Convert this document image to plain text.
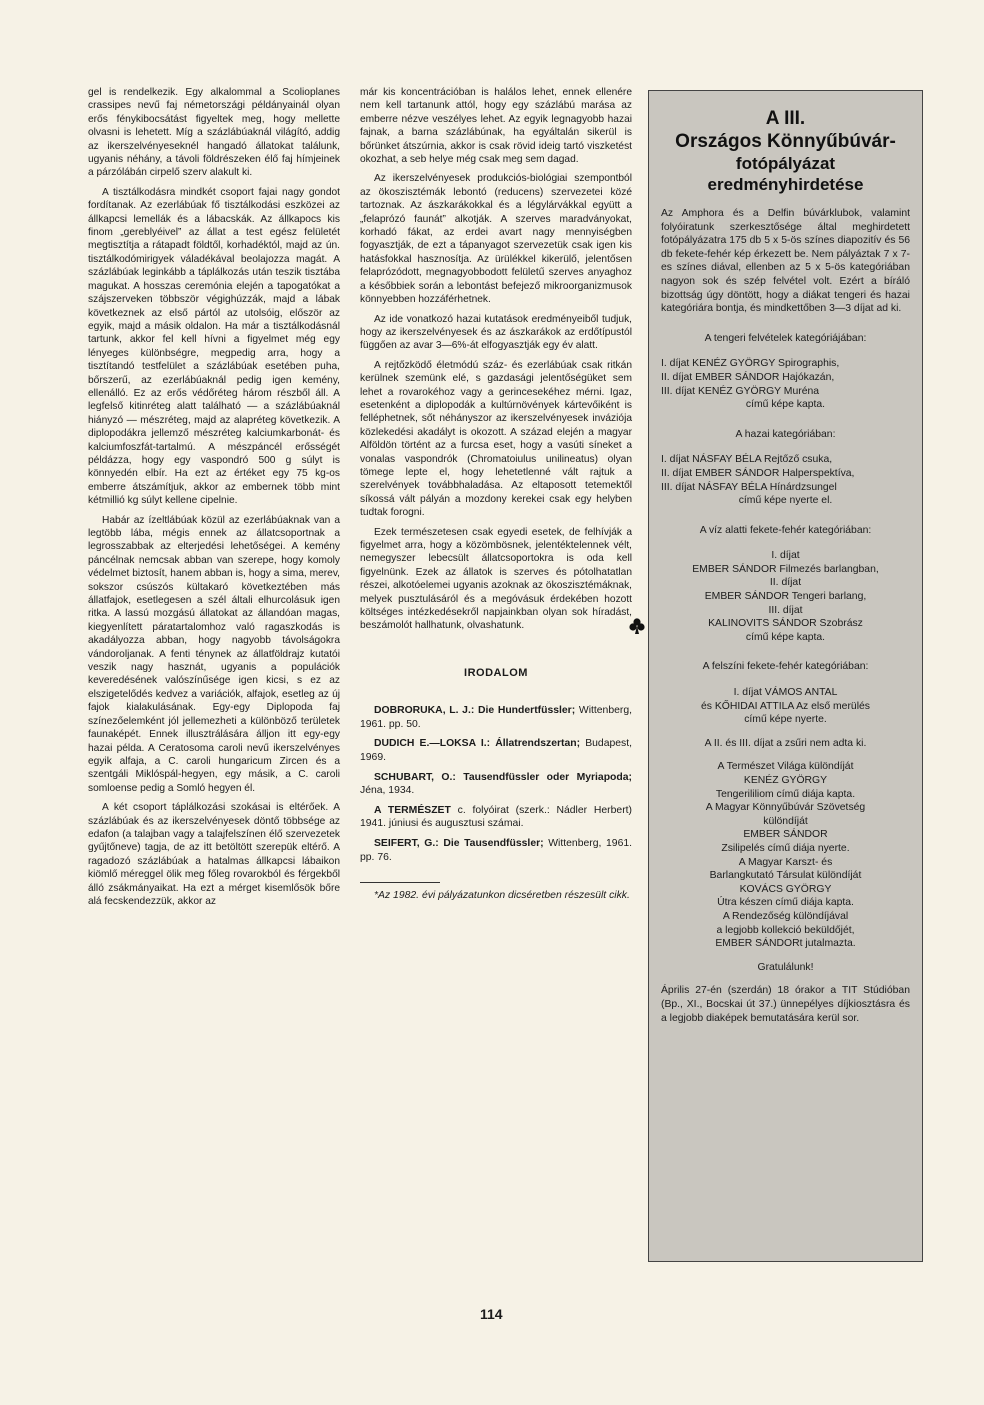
gel is rendelkezik. Egy alkalommal a Scolioplanes crassipes nevű faj németországi példányainál olyan erős fénykibocsátást figyeltek meg, hogy mellette olvasni is lehetett. Míg a százlábúaknál világító, addig az ikerszelvényeseknél hangadó állatokat találunk, ugyanis néhány, a távoli földrészeken élő faj hímjeinek a párzólábán cirpelő szerv alakult ki.

A tisztálkodásra mindkét csoport fajai nagy gondot fordítanak. Az ezerlábúak fő tisztálkodási eszközei az állkapcsi lemellák és a lábacskák. Az állkapocs kis finom „gereblyéivel” az állat a test egész felületét megtisztítja a rátapadt földtől, korhadéktól, majd az ún. tisztálkodómirigyek váladékával beolajozza magát. A százlábúak leginkább a táplálkozás után teszik tisztába magukat. A hosszas ceremónia elején a tapogatókat a szájszerveken többször végighúzzák, majd a lábak következnek az első pártól az utolsóig, először az egyik, majd a másik oldalon. Ha már a tisztálkodásnál tartunk, akkor fel kell hívni a figyelmet még egy lényeges különbségre, megpedig arra, hogy a tisztítandó testfelület a százlábúak esetében puha, bőrszerű, az ezerlábúaknál pedig igen kemény, ellenálló. Ez az erős védőréteg három részből áll. A legfelső kitinréteg alatt található — a százlábúaknál hiányzó — mészréteg, majd az alapréteg következik. A diplopodákra jellemző mészréteg kalciumkarbonát- és kalciumfoszfát-tartalmú. A mészpáncél erősségét példázza, hogy egy vaspondró 500 g súlyt is könnyedén elbír. Ha ezt az értéket egy 75 kg-os emberre átszámítjuk, akkor az embernek több mint kétmillió kg súlyt kellene cipelnie.

Habár az ízeltlábúak közül az ezerlábúaknak van a legtöbb lába, mégis ennek az állatcsoportnak a legrosszabbak az elterjedési lehetőségei. A kemény páncélnak nemcsak abban van szerepe, hogy komoly védelmet biztosít, hanem abban is, hogy a sima, merev, sokszor csúszós kültakaró következtében más állatfajok, esetlegesen a szél általi elhurcolásuk igen ritka. A lassú mozgású állatokat az állandóan magas, kiegyenlített páratartalomhoz való ragaszkodás is akadályozza abban, hogy nagyobb távolságokra vándoroljanak. A fenti ténynek az állatföldrajz kutatói veszik nagy hasznát, ugyanis a populációk keveredésének valószínűsége igen kicsi, s ez az elszigetelődés kedvez a variációk, alfajok, esetleg az új fajok kialakulásának. Egy-egy Diplopoda faj színezőelemként jól jellemezheti a különböző területek faunaképét. Ennek illusztrálására álljon itt egy-egy hazai példa. A Ceratosoma caroli nevű ikerszelvényes egyik alfaja, a C. caroli hungaricum Zircen és a szentgáli Miklóspál-hegyen, egy másik, a C. caroli somloense pedig a Somló hegyen él.

A két csoport táplálkozási szokásai is eltérőek. A százlábúak és az ikerszelvényesek döntő többsége az edafon (a talajban vagy a talajfelszínen élő szervezetek gyűjtőneve) tagja, de az itt betöltött szerepük eltérő. A ragadozó százlábúak a hatalmas állkapcsi lábaikon kiömlő méreggel ölik meg főleg rovarokból és férgekből álló zsákmányaikat. Ha ezt a mérget kisemlősök bőre alá fecskendezzük, akkor az

már kis koncentrációban is halálos lehet, ennek ellenére nem kell tartanunk attól, hogy egy százlábú marása az emberre nézve veszélyes lehet. Az egyik legnagyobb hazai fajnak, a barna százlábúnak, ha egyáltalán sikerül is bőrünket átszúrnia, akkor is csak rövid ideig tartó viszketést okozhat, a seb helye még csak meg sem dagad.

Az ikerszelvényesek produkciós-biológiai szempontból az ökoszisztémák lebontó (reducens) szervezetei közé tartoznak. Az ászkarákokkal és a légylárvákkal együtt a „felaprózó faunát” alkotják. A szerves maradványokat, korhadó fákat, az erdei avart nagy mennyiségben fogyasztják, de ezt a tápanyagot szervezetük csak igen kis hatásfokkal hasznosítja. Az ürülékkel kikerülő, jelentősen felaprózódott, megnagyobbodott felületű szerves anyaghoz a későbbiek során a lebontást befejező mikroorganizmusok könnyebben hozzáférhetnek.

Az ide vonatkozó hazai kutatások eredményeiből tudjuk, hogy az ikerszelvényesek és az ászkarákok az erdőtípustól függően az avar 3—6%-át elfogyasztják egy év alatt.

A rejtőzködő életmódú száz- és ezerlábúak csak ritkán kerülnek szemünk elé, s gazdasági jelentőségüket sem lehet a rovarokéhoz vagy a gerincesekéhez mérni. Igaz, esetenként a diplopodák a kultúrnövények kártevőiként is felléphetnek, sőt néhányszor az ikerszelvényesek inváziója közlekedési akadályt is okozott. A század elején a magyar Alföldön történt az a furcsa eset, hogy a vasúti síneket a vonalas vaspondrók (Chromatoiulus unilineatus) olyan tömege lepte el, hogy lehetetlenné vált rajtuk a szerelvények továbbhaladása. Az eltaposott tetemektől síkossá vált pályán a mozdony kerekei csak egy helyben tudtak forogni.

Ezek természetesen csak egyedi esetek, de felhívják a figyelmet arra, hogy a közömbösnek, jelentéktelennek vélt, nemegyszer lebecsült állatcsoportokra is oda kell figyelnünk. Ezek az állatok is szerves és pótolhatatlan részei, alkotóelemei ugyanis azoknak az ökoszisztémáknak, melyek pusztulásáról és a megóvásuk érdekében hozott költséges intézkedésekről napjainkban olyan sok híradást, beszámolót hallhatunk, olvashatunk.

IRODALOM

DOBRORUKA, L. J.: Die Hundertfüssler; Wittenberg, 1961. pp. 50.

DUDICH E.—LOKSA I.: Állatrendszertan; Budapest, 1969.

SCHUBART, O.: Tausendfüssler oder Myriapoda; Jéna, 1934.

A TERMÉSZET c. folyóirat (szerk.: Nádler Herbert) 1941. júniusi és augusztusi számai.

SEIFERT, G.: Die Tausendfüssler; Wittenberg, 1961. pp. 76.

*Az 1982. évi pályázatunkon dicséretben részesült cikk.

A III.
Országos Könnyűbúvár-
fotópályázat
eredményhirdetése

Az Amphora és a Delfin búvárklubok, valamint folyóiratunk szerkesztősége által meghirdetett fotópályázatra 175 db 5 x 5-ös színes diapozitív és 56 db fekete-fehér kép érkezett be. Nem pályáztak 7 x 7-es színes diával, ellenben az 5 x 5-ös kategóriában nagyon sok és szép felvétel volt. Ezért a bíráló bizottság úgy döntött, hogy a diákat tengeri és hazai kategóriára bontja, és mindkettőben 3—3 díjat ad ki.

A tengeri felvételek kategóriájában:

I. díjat KENÉZ GYÖRGY Spirographis,
II. díjat EMBER SÁNDOR Hajókazán,
III. díjat KENÉZ GYÖRGY Muréna
című képe kapta.

A hazai kategóriában:

I. díjat NÁSFAY BÉLA Rejtőző csuka,
II. díjat EMBER SÁNDOR Halperspektíva,
III. díjat NÁSFAY BÉLA Hínárdzsungel
című képe nyerte el.

A víz alatti fekete-fehér kategóriában:

I. díjat
EMBER SÁNDOR Filmezés barlangban,
II. díjat
EMBER SÁNDOR Tengeri barlang,
III. díjat
KALINOVITS SÁNDOR Szobrász
című képe kapta.

A felszíni fekete-fehér kategóriában:

I. díjat VÁMOS ANTAL
és KŐHIDAI ATTILA Az első merülés
című képe nyerte.

A II. és III. díjat a zsűri nem adta ki.

A Természet Világa különdíját
KENÉZ GYÖRGY
Tengerililiom című diája kapta.
A Magyar Könnyűbúvár Szövetség
különdíját
EMBER SÁNDOR
Zsilipelés című diája nyerte.
A Magyar Karszt- és
Barlangkutató Társulat különdíját
KOVÁCS GYÖRGY
Útra készen című diája kapta.
A Rendezőség különdíjával
a legjobb kollekció beküldőjét,
EMBER SÁNDORt jutalmazta.

Gratulálunk!

Április 27-én (szerdán) 18 órakor a TIT Stúdióban (Bp., XI., Bocskai út 37.) ünnepélyes díjkiosztásra és a legjobb diaképek bemutatására kerül sor.

114
